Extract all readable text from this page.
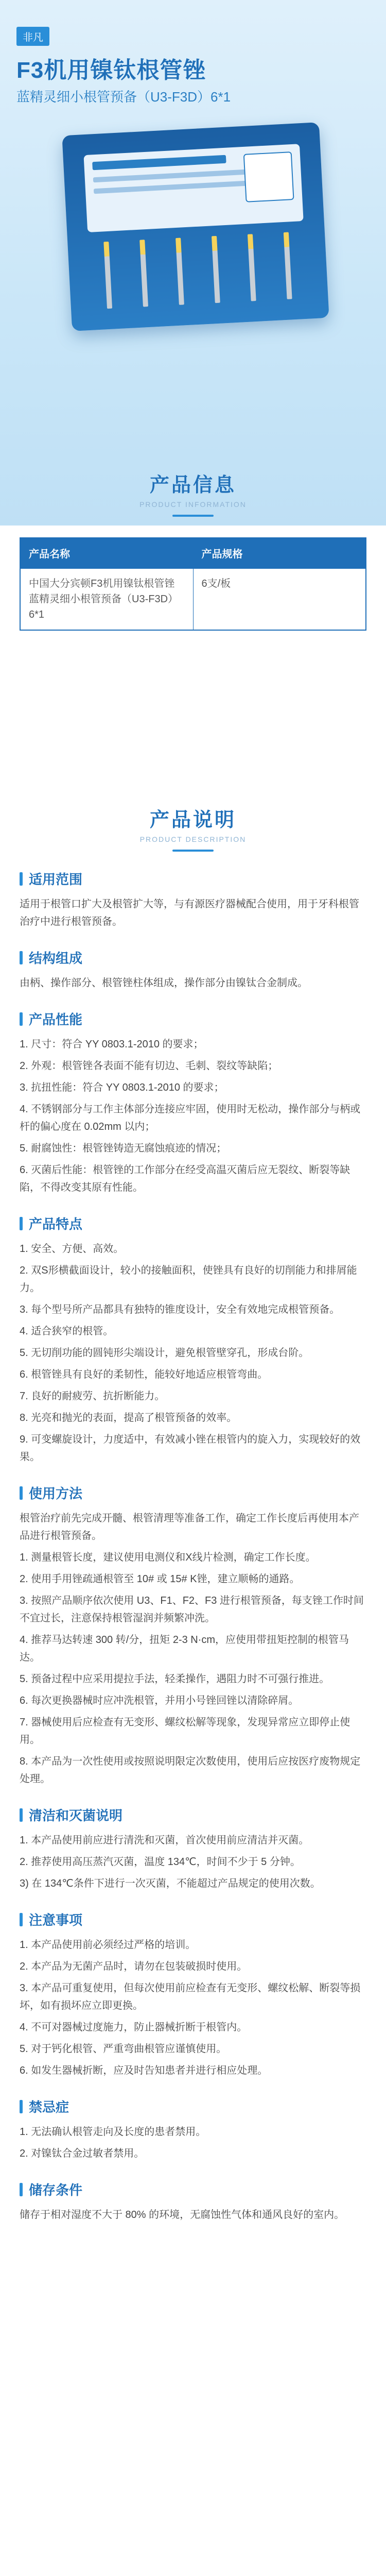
非凡
F3机用镍钛根管锉
蓝精灵细小根管预备（U3-F3D）6*1
产品信息
PRODUCT INFORMATION
产品名称	产品规格
中国大分宾顿F3机用镍钛根管锉 蓝精灵细小根管预备（U3-F3D）6*1
6支/板
产品说明
PRODUCT DESCRIPTION
适用范围

适用于根管口扩大及根管扩大等，与有源医疗器械配合使用，用于牙科根管治疗中进行根管预备。

结构组成

由柄、操作部分、根管锉柱体组成，操作部分由镍钛合金制成。

产品性能

1. 尺寸：符合 YY 0803.1-2010 的要求；

2. 外观：根管锉各表面不能有切边、毛刺、裂纹等缺陷；

3. 抗扭性能：符合 YY 0803.1-2010 的要求；

4. 不锈钢部分与工作主体部分连接应牢固，使用时无松动，操作部分与柄或杆的偏心度在 0.02mm 以内；

5. 耐腐蚀性：根管锉铸造无腐蚀痕迹的情况；

6. 灭菌后性能：根管锉的工作部分在经受高温灭菌后应无裂纹、断裂等缺陷，不得改变其原有性能。

产品特点

1. 安全、方便、高效。

2. 双S形横截面设计，较小的接触面积，使锉具有良好的切削能力和排屑能力。

3. 每个型号所产品都具有独特的锥度设计，安全有效地完成根管预备。

4. 适合狭窄的根管。

5. 无切削功能的圆钝形尖端设计，避免根管壁穿孔，形成台阶。

6. 根管锉具有良好的柔韧性，能较好地适应根管弯曲。

7. 良好的耐疲劳、抗折断能力。

8. 光亮和抛光的表面，提高了根管预备的效率。

9. 可变螺旋设计，力度适中，有效减小锉在根管内的旋入力，实现较好的效果。

使用方法

根管治疗前先完成开髓、根管清理等准备工作，确定工作长度后再使用本产品进行根管预备。

1. 测量根管长度，建议使用电测仪和X线片检测，确定工作长度。

2. 使用手用锉疏通根管至 10# 或 15# K锉，建立顺畅的通路。

3. 按照产品顺序依次使用 U3、F1、F2、F3 进行根管预备，每支锉工作时间不宜过长，注意保持根管湿润并频繁冲洗。

4. 推荐马达转速 300 转/分，扭矩 2-3 N·cm，应使用带扭矩控制的根管马达。

5. 预备过程中应采用提拉手法，轻柔操作，遇阻力时不可强行推进。

6. 每次更换器械时应冲洗根管，并用小号锉回锉以清除碎屑。

7. 器械使用后应检查有无变形、螺纹松解等现象，发现异常应立即停止使用。

8. 本产品为一次性使用或按照说明限定次数使用，使用后应按医疗废物规定处理。

清洁和灭菌说明

1. 本产品使用前应进行清洗和灭菌，首次使用前应清洁并灭菌。

2. 推荐使用高压蒸汽灭菌，温度 134℃，时间不少于 5 分钟。

3) 在 134℃条件下进行一次灭菌，不能超过产品规定的使用次数。

注意事项

1. 本产品使用前必须经过严格的培训。

2. 本产品为无菌产品时，请勿在包装破损时使用。

3. 本产品可重复使用，但每次使用前应检查有无变形、螺纹松解、断裂等损坏，如有损坏应立即更换。

4. 不可对器械过度施力，防止器械折断于根管内。

5. 对于钙化根管、严重弯曲根管应谨慎使用。

6. 如发生器械折断，应及时告知患者并进行相应处理。

禁忌症

1. 无法确认根管走向及长度的患者禁用。

2. 对镍钛合金过敏者禁用。

储存条件

储存于相对湿度不大于 80% 的环境，无腐蚀性气体和通风良好的室内。
